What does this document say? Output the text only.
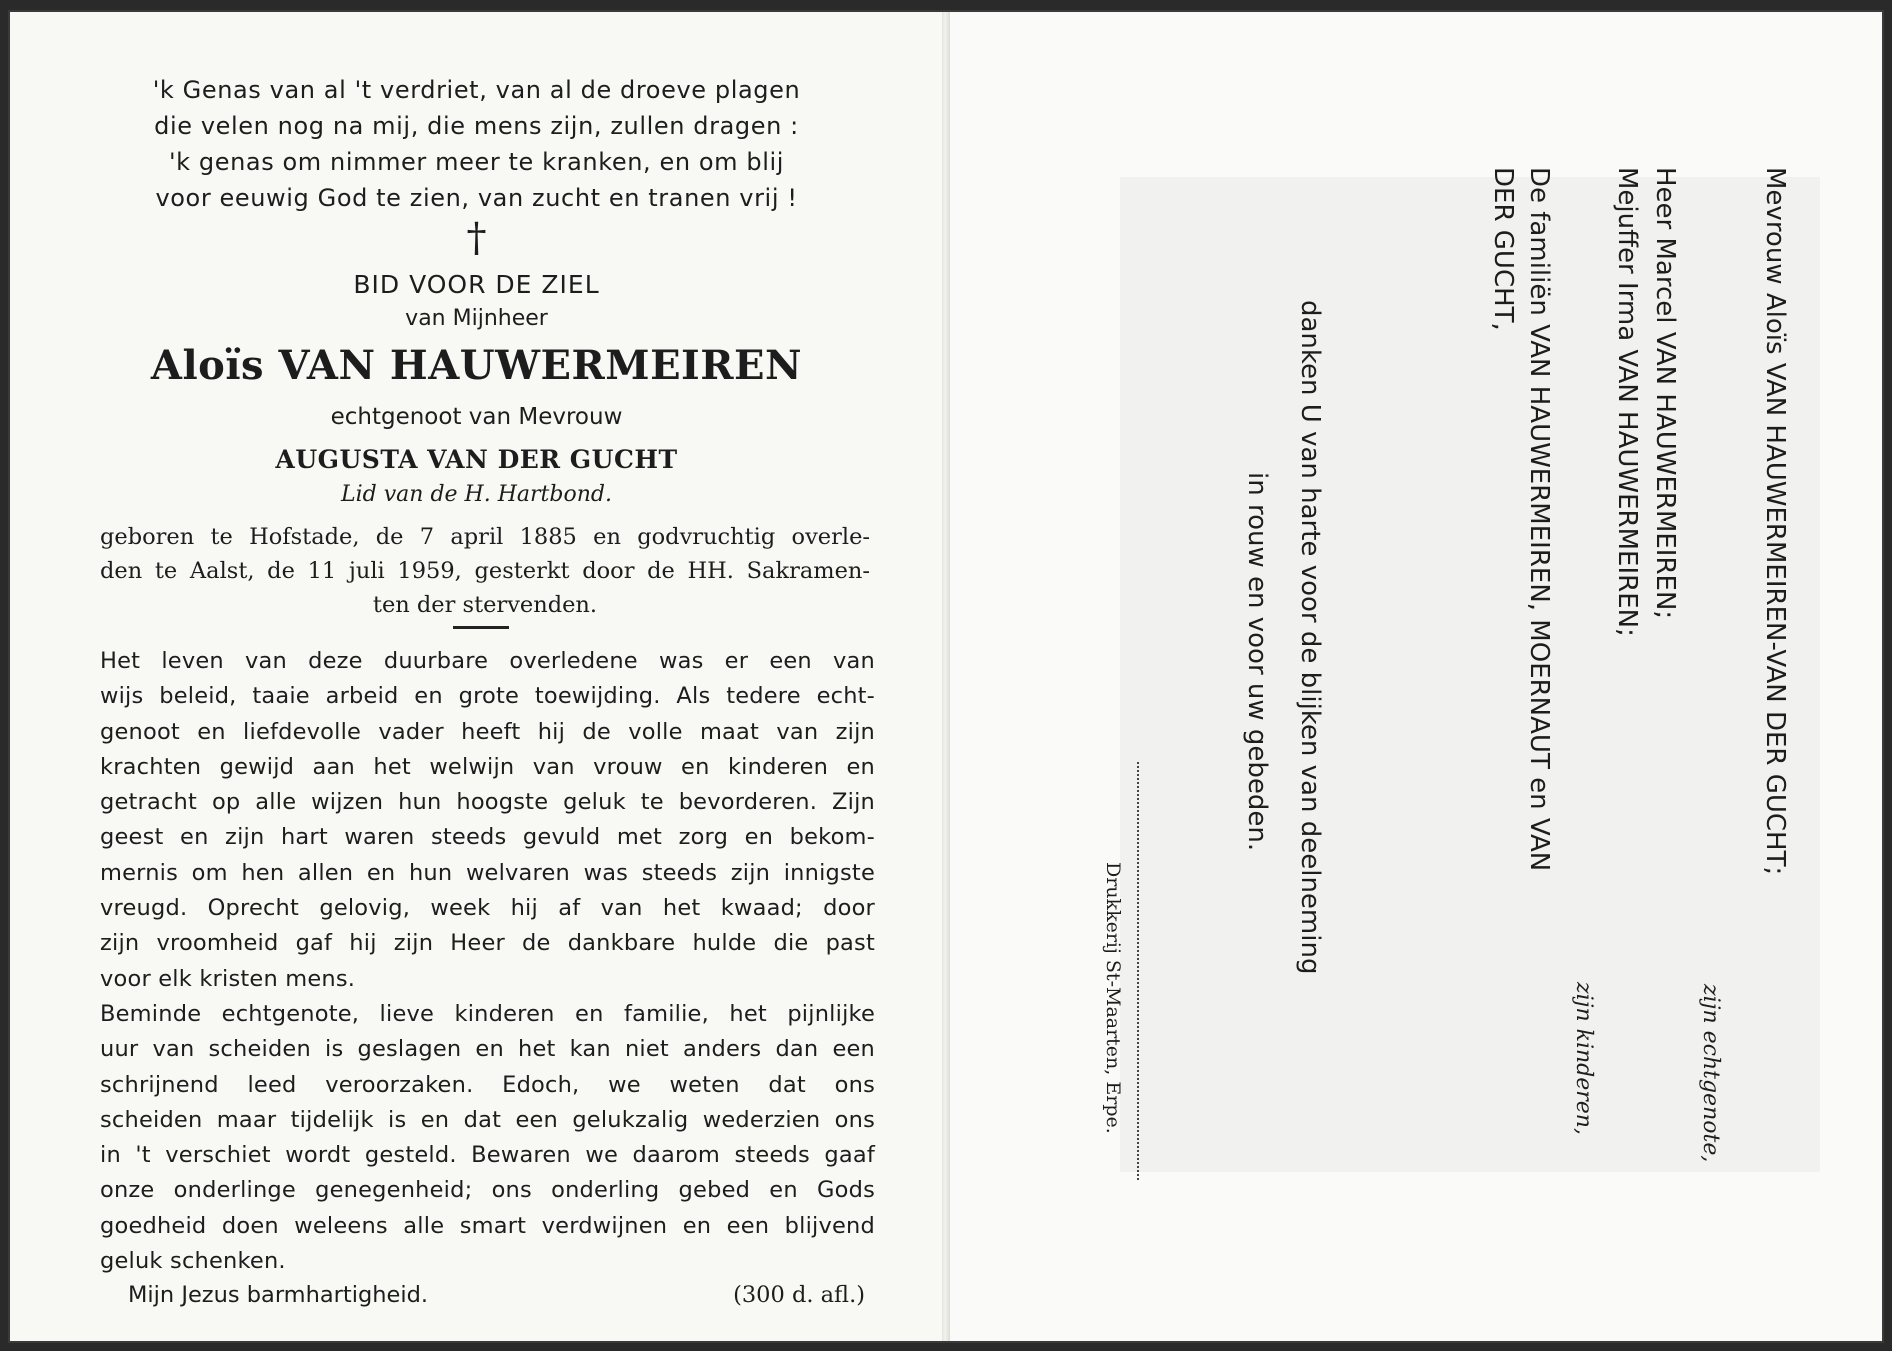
'k Genas van al 't verdriet, van al de droeve plagen
die velen nog na mij, die mens zijn, zullen dragen :
'k genas om nimmer meer te kranken, en om blij
voor eeuwig God te zien, van zucht en tranen vrij !
†
BID VOOR DE ZIEL
van Mijnheer
Aloïs VAN HAUWERMEIREN
echtgenoot van Mevrouw
AUGUSTA VAN DER GUCHT
Lid van de H. Hartbond.
geboren te Hofstade, de 7 april 1885 en godvruchtig overle-
den te Aalst, de 11 juli 1959, gesterkt door de HH. Sakramen-
ten der stervenden.
Het leven van deze duurbare overledene was er een van
wijs beleid, taaie arbeid en grote toewijding. Als tedere echt-
genoot en liefdevolle vader heeft hij de volle maat van zijn
krachten gewijd aan het welwijn van vrouw en kinderen en
getracht op alle wijzen hun hoogste geluk te bevorderen. Zijn
geest en zijn hart waren steeds gevuld met zorg en bekom-
mernis om hen allen en hun welvaren was steeds zijn innigste
vreugd. Oprecht gelovig, week hij af van het kwaad; door
zijn vroomheid gaf hij zijn Heer de dankbare hulde die past
voor elk kristen mens.
Beminde echtgenote, lieve kinderen en familie, het pijnlijke
uur van scheiden is geslagen en het kan niet anders dan een
schrijnend leed veroorzaken. Edoch, we weten dat ons
scheiden maar tijdelijk is en dat een gelukzalig wederzien ons
in 't verschiet wordt gesteld. Bewaren we daarom steeds gaaf
onze onderlinge genegenheid; ons onderling gebed en Gods
goedheid doen weleens alle smart verdwijnen en een blijvend
geluk schenken.
Mijn Jezus barmhartigheid.	(300 d. afl.)
Mevrouw Aloïs VAN HAUWERMEIREN-VAN DER GUCHT;
zijn echtgenote,
Heer Marcel VAN HAUWERMEIREN;
Mejuffer Irma VAN HAUWERMEIREN;
zijn kinderen,
De familiën VAN HAUWERMEIREN, MOERNAUT en VAN
DER GUCHT,
danken U van harte voor de blijken van deelneming
in rouw en voor uw gebeden.
Drukkerij St-Maarten, Erpe.
